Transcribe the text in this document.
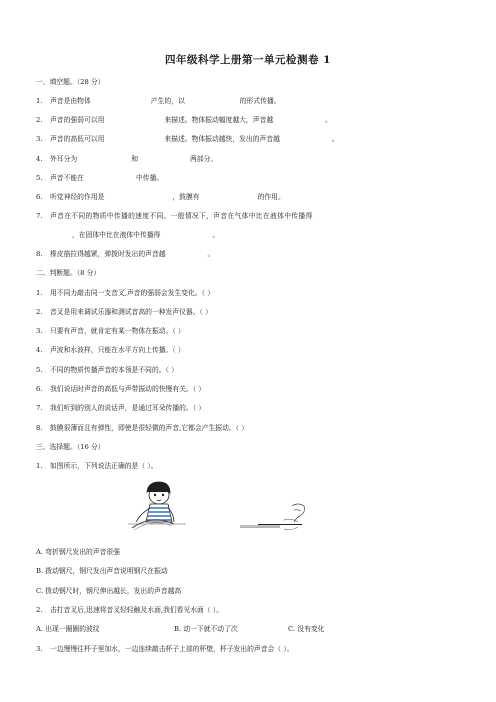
四年级科学上册第一单元检测卷 1
一、填空题。（28 分）
1. 声音是由物体	产生的，以	的形式传播。
2. 声音的强弱可以用	来描述。物体振动幅度越大，声音越	。
3. 声音的高低可以用	来描述。物体振动越快，发出的声音越	。
4. 外耳分为	和	两部分。
5. 声音不能在	中传播。
6. 听觉神经的作用是	，鼓膜有	的作用。
7. 声音在不同的物质中传播的速度不同。一般情况下，声音在气体中比在液体中传播得
，在固体中比在液体中传播得	。
8. 橡皮筋拉得越紧，弹拨时发出的声音越	。
二、判断题。（8 分）
1. 用不同力敲击同一支音叉,声音的强弱会发生变化。（ ）
2. 音叉是用来调试乐器和测试音高的一种发声仪器。（ ）
3. 只要有声音，就肯定有某一物体在振动。（ ）
4. 声波和水波样，只能在水平方向上传播。（ ）
5. 不同的物质传播声音的本领是不同的。（ ）
6. 我们说话时声音的高低与声带振动的快慢有关。（ ）
7. 我们听到的别人的说话声，是通过耳朵传播的。（ ）
8. 鼓膜很薄而且有弹性，即使是很轻微的声音,它都会产生振动。（ ）
三、选择题。（16 分）
1. 如图所示，下列说法正确的是（ ）。
A. 弯折钢尺发出的声音很强
B. 拨动钢尺，钢尺发出声音说明钢尺在振动
C. 拨动钢尺时，钢尺伸出越长，发出的声音越高
2. 击打音叉后,迅速将音叉轻轻触及水面,我们看见水面（ ）。
A. 出现一圈圈的波纹	B. 动一下就不动了次	C. 没有变化
3. 一边慢慢往杯子里加水，一边连续敲击杯子上部的杯壁，杯子发出的声音会（ ）。
